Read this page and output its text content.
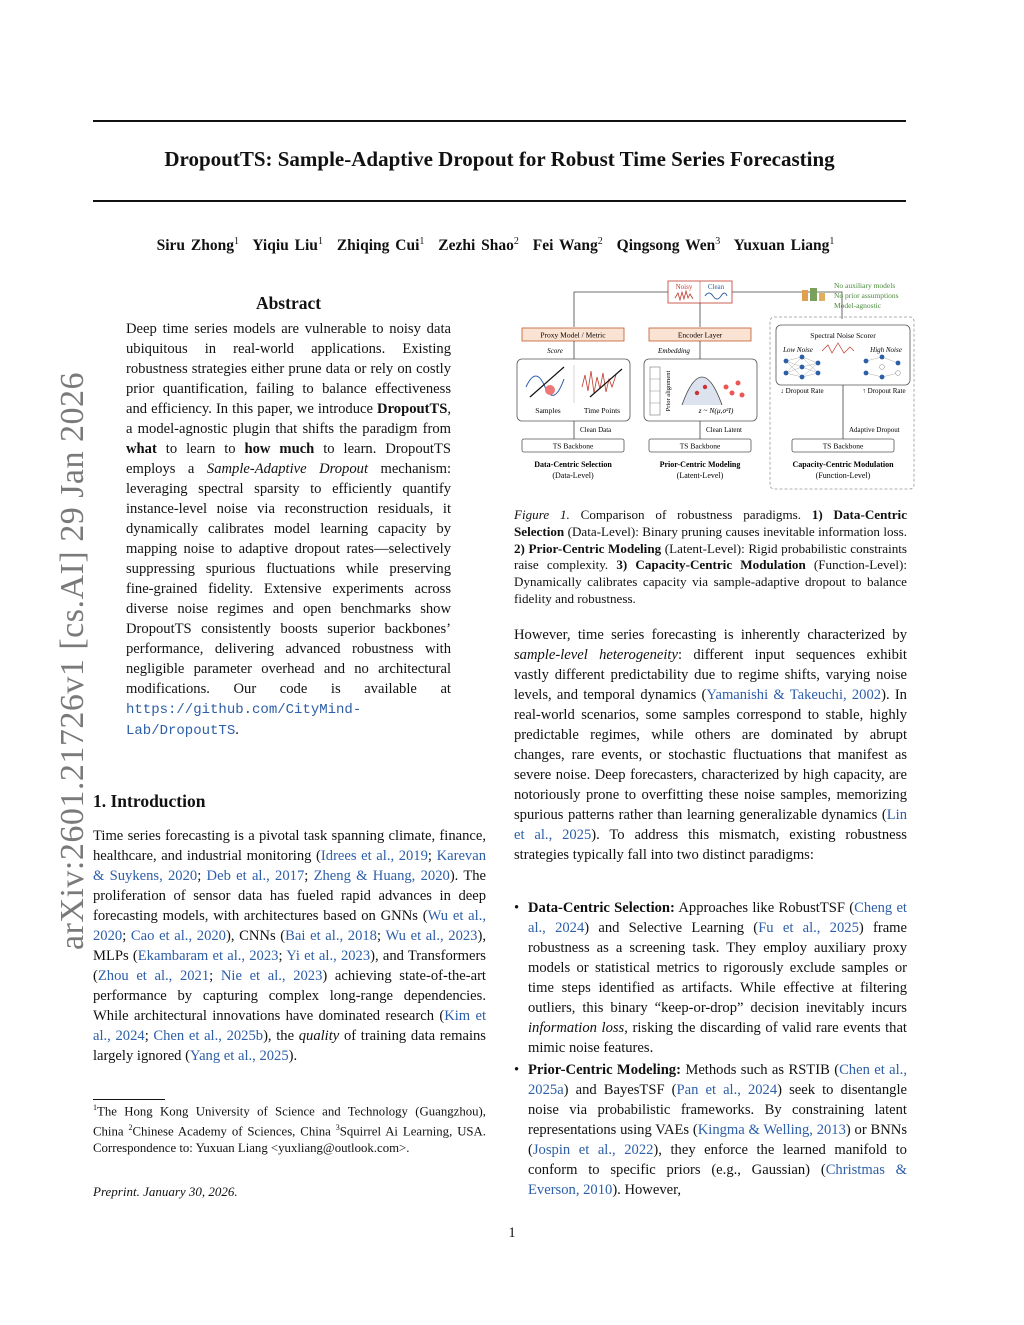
DropoutTS: Sample-Adaptive Dropout for Robust Time Series Forecasting
Siru Zhong$^1$ Yiqiu Liu$^1$ Zhiqing Cui$^1$ Zezhi Shao$^2$ Fei Wang$^2$ Qingsong Wen$^3$ Yuxuan Liang$^1$
arXiv:2601.21726v1 [cs.AI] 29 Jan 2026
Abstract
Deep time series models are vulnerable to noisy data ubiquitous in real-world applications. Existing robustness strategies either prune data or rely on costly prior quantification, failing to balance effectiveness and efficiency. In this paper, we introduce DropoutTS, a model-agnostic plugin that shifts the paradigm from what to learn to how much to learn. DropoutTS employs a Sample-Adaptive Dropout mechanism: leveraging spectral sparsity to efficiently quantify instance-level noise via reconstruction residuals, it dynamically calibrates model learning capacity by mapping noise to adaptive dropout rates—selectively suppressing spurious fluctuations while preserving fine-grained fidelity. Extensive experiments across diverse noise regimes and open benchmarks show DropoutTS consistently boosts superior backbones’ performance, delivering advanced robustness with negligible parameter overhead and no architectural modifications. Our code is available at https://github.com/CityMind-Lab/DropoutTS.
1. Introduction
Time series forecasting is a pivotal task spanning climate, finance, healthcare, and industrial monitoring (Idrees et al., 2019; Karevan & Suykens, 2020; Deb et al., 2017; Zheng & Huang, 2020). The proliferation of sensor data has fueled rapid advances in deep forecasting models, with architectures based on GNNs (Wu et al., 2020; Cao et al., 2020), CNNs (Bai et al., 2018; Wu et al., 2023), MLPs (Ekambaram et al., 2023; Yi et al., 2023), and Transformers (Zhou et al., 2021; Nie et al., 2023) achieving state-of-the-art performance by capturing complex long-range dependencies. While architectural innovations have dominated research (Kim et al., 2024; Chen et al., 2025b), the quality of training data remains largely ignored (Yang et al., 2025).
$^1$The Hong Kong University of Science and Technology (Guangzhou), China $^2$Chinese Academy of Sciences, China $^3$Squirrel Ai Learning, USA. Correspondence to: Yuxuan Liang <yuxliang@outlook.com>.
Preprint. January 30, 2026.
1
Noisy Clean	No auxiliary models
No prior assumptions
Model-agnostic
Proxy Model / Metric
Score
Samples	Time Points
Clean Data
TS Backbone
Data-Centric Selection
(Data-Level)
Encoder Layer
Embedding
Prior alignment	z ~ N(μ,σ²I)
Clean Latent
TS Backbone
Prior-Centric Modeling
(Latent-Level)
Spectral Noise Scorer
Low Noise	High Noise
↓ Dropout Rate	↑ Dropout Rate
Adaptive Dropout
TS Backbone
Capacity-Centric Modulation
(Function-Level)
Figure 1. Comparison of robustness paradigms. 1) Data-Centric Selection (Data-Level): Binary pruning causes inevitable information loss. 2) Prior-Centric Modeling (Latent-Level): Rigid probabilistic constraints raise complexity. 3) Capacity-Centric Modulation (Function-Level): Dynamically calibrates capacity via sample-adaptive dropout to balance fidelity and robustness.
However, time series forecasting is inherently characterized by sample-level heterogeneity: different input sequences exhibit vastly different predictability due to regime shifts, varying noise levels, and temporal dynamics (Yamanishi & Takeuchi, 2002). In real-world scenarios, some samples correspond to stable, highly predictable regimes, while others are dominated by abrupt changes, rare events, or stochastic fluctuations that manifest as severe noise. Deep forecasters, characterized by high capacity, are notoriously prone to overfitting these noise samples, memorizing spurious patterns rather than learning generalizable dynamics (Lin et al., 2025). To address this mismatch, existing robustness strategies typically fall into two distinct paradigms:
• Data-Centric Selection: Approaches like RobustTSF (Cheng et al., 2024) and Selective Learning (Fu et al., 2025) frame robustness as a screening task. They employ auxiliary proxy models or statistical metrics to rigorously exclude samples or time steps identified as artifacts. While effective at filtering outliers, this binary “keep-or-drop” decision inevitably incurs information loss, risking the discarding of valid rare events that mimic noise features.
• Prior-Centric Modeling: Methods such as RSTIB (Chen et al., 2025a) and BayesTSF (Pan et al., 2024) seek to disentangle noise via probabilistic frameworks. By constraining latent representations using VAEs (Kingma & Welling, 2013) or BNNs (Jospin et al., 2022), they enforce the learned manifold to conform to specific priors (e.g., Gaussian) (Christmas & Everson, 2010). However,
